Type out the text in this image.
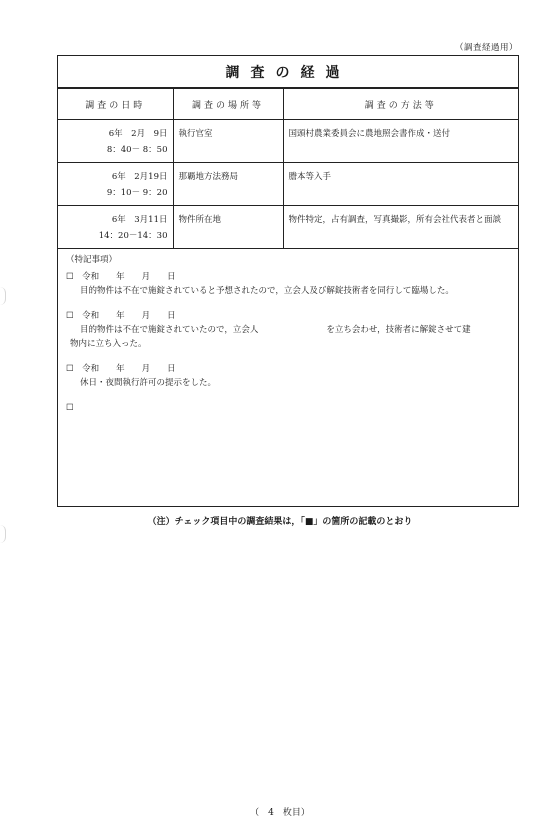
（調査経過用）
調査の経過
調査の日時	調査の場所等	調査の方法等

6年　2月　9日
8：40－ 8：50	執行官室	国頭村農業委員会に農地照会書作成・送付

6年　2月19日
9：10－ 9：20	那覇地方法務局	謄本等入手

6年　3月11日
14：20－14：30	物件所在地	物件特定，占有調査，写真撮影，所有会社代表者と面談
（特記事項）
☐　 令和　　年　　月　　日
目的物件は不在で施錠されていると予想されたので，立会人及び解錠技術者を同行して臨場した。
☐　 令和　　年　　月　　日
目的物件は不在で施錠されていたので，立会人　　　　　　　　を立ち会わせ，技術者に解錠させて建
物内に立ち入った。
☐　 令和　　年　　月　　日
休日・夜間執行許可の提示をした。
☐
（注）チェック項目中の調査結果は，「■」の箇所の記載のとおり
（　4　枚目）
